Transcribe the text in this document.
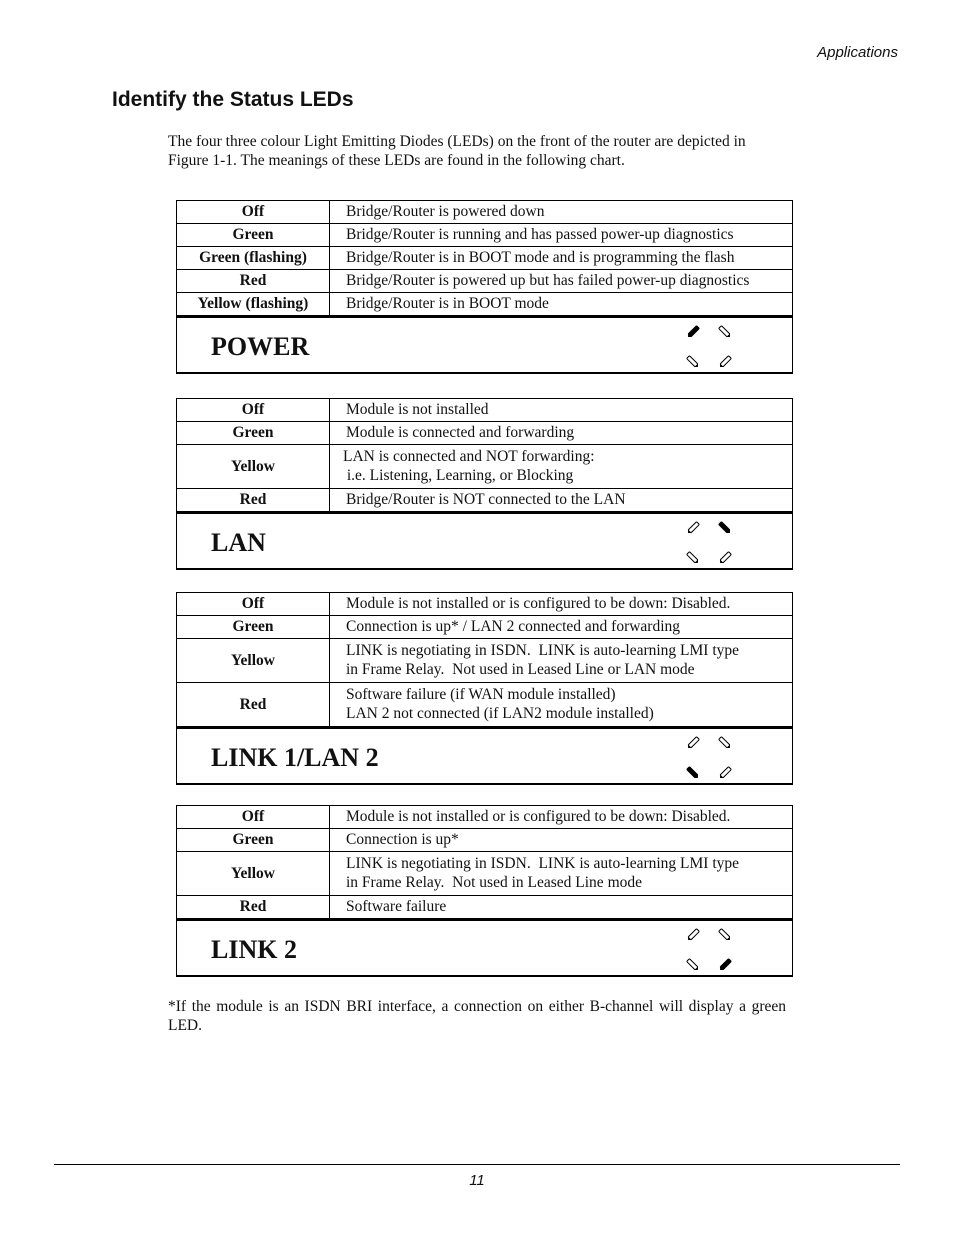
Applications
Identify the Status LEDs

The four three colour Light Emitting Diodes (LEDs) on the front of the router are depicted in Figure 1-1. The meanings of these LEDs are found in the following chart.

Off	Bridge/Router is powered down

Green	Bridge/Router is running and has passed power-up diagnostics

Green (flashing)	Bridge/Router is in BOOT mode and is programming the flash

Red	Bridge/Router is powered up but has failed power-up diagnostics

Yellow (flashing)	Bridge/Router is in BOOT mode
POWER
Off	Module is not installed

Green	Module is connected and forwarding

Yellow	LAN is connected and NOT forwarding:
i.e. Listening, Learning, or Blocking

Red	Bridge/Router is NOT connected to the LAN
LAN
Off	Module is not installed or is configured to be down: Disabled.

Green	Connection is up* / LAN 2 connected and forwarding

Yellow	LINK is negotiating in ISDN.  LINK is auto-learning LMI type
in Frame Relay.  Not used in Leased Line or LAN mode

Red	Software failure (if WAN module installed)
LAN 2 not connected (if LAN2 module installed)
LINK 1/LAN 2
Off	Module is not installed or is configured to be down: Disabled.

Green	Connection is up*

Yellow	LINK is negotiating in ISDN.  LINK is auto-learning LMI type
in Frame Relay.  Not used in Leased Line mode

Red	Software failure
LINK 2

*If the module is an ISDN BRI interface, a connection on either B-channel will display a green LED.

11
